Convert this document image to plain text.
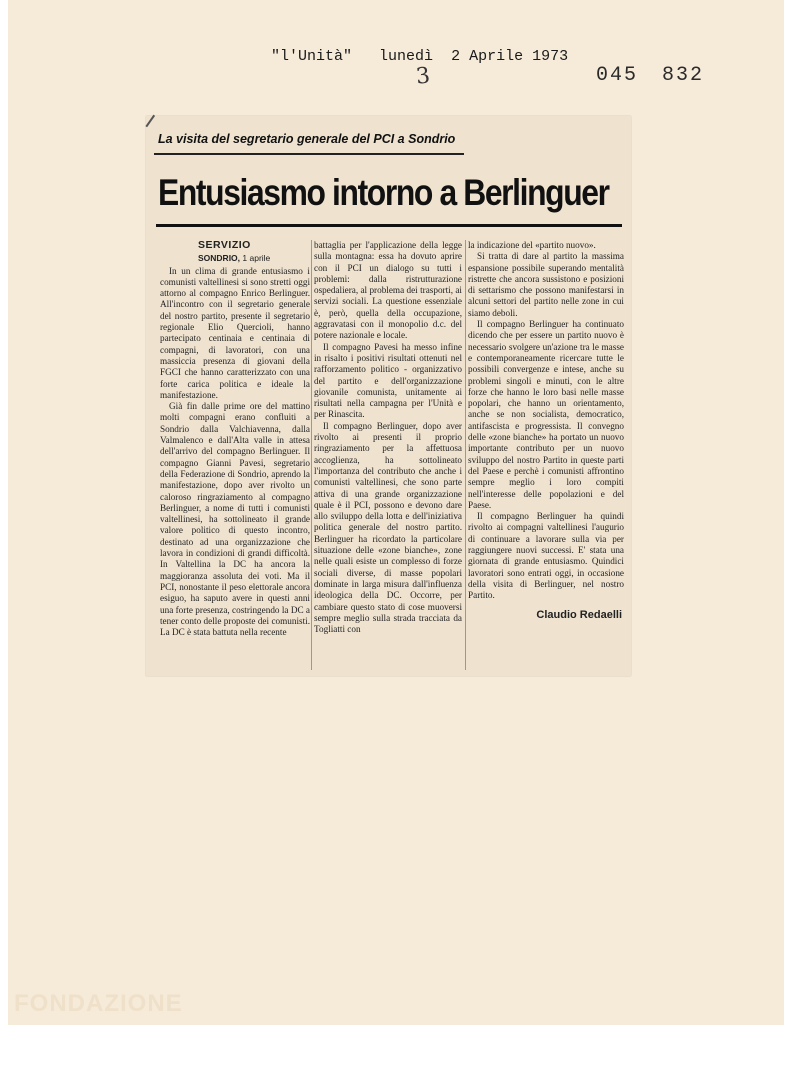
"l'Unità" lunedì 2 Aprile 1973
3	045 832
La visita del segretario generale del PCI a Sondrio
Entusiasmo intorno a Berlinguer
SERVIZIO
SONDRIO, 1 aprile

In un clima di grande entusiasmo i comunisti valtellinesi si sono stretti oggi attorno al compagno Enrico Berlinguer. All'incontro con il segretario generale del nostro partito, presente il segretario regionale Elio Quercioli, hanno partecipato centinaia e centinaia di compagni, di lavoratori, con una massiccia presenza di giovani della FGCI che hanno caratterizzato con una forte carica politica e ideale la manifestazione.

Già fin dalle prime ore del mattino molti compagni erano confluiti a Sondrio dalla Valchiavenna, dalla Valmalenco e dall'Alta valle in attesa dell'arrivo del compagno Berlinguer. Il compagno Gianni Pavesi, segretario della Federazione di Sondrio, aprendo la manifestazione, dopo aver rivolto un caloroso ringraziamento al compagno Berlinguer, a nome di tutti i comunisti valtellinesi, ha sottolineato il grande valore politico di questo incontro, destinato ad una organizzazione che lavora in condizioni di grandi difficoltà. In Valtellina la DC ha ancora la maggioranza assoluta dei voti. Ma il PCI, nonostante il peso elettorale ancora esiguo, ha saputo avere in questi anni una forte presenza, costringendo la DC a tener conto delle proposte dei comunisti. La DC è stata battuta nella recente

battaglia per l'applicazione della legge sulla montagna: essa ha dovuto aprire con il PCI un dialogo su tutti i problemi: dalla ristrutturazione ospedaliera, al problema dei trasporti, ai servizi sociali. La questione essenziale è, però, quella della occupazione, aggravatasi con il monopolio d.c. del potere nazionale e locale.

Il compagno Pavesi ha messo infine in risalto i positivi risultati ottenuti nel rafforzamento politico - organizzativo del partito e dell'organizzazione giovanile comunista, unitamente ai risultati nella campagna per l'Unità e per Rinascita.

Il compagno Berlinguer, dopo aver rivolto ai presenti il proprio ringraziamento per la affettuosa accoglienza, ha sottolineato l'importanza del contributo che anche i comunisti valtellinesi, che sono parte attiva di una grande organizzazione quale è il PCI, possono e devono dare allo sviluppo della lotta e dell'iniziativa politica generale del nostro partito. Berlinguer ha ricordato la particolare situazione delle «zone bianche», zone nelle quali esiste un complesso di forze sociali diverse, di masse popolari dominate in larga misura dall'influenza ideologica della DC. Occorre, per cambiare questo stato di cose muoversi sempre meglio sulla strada tracciata da Togliatti con

la indicazione del «partito nuovo».

Si tratta di dare al partito la massima espansione possibile superando mentalità ristrette che ancora sussistono e posizioni di settarismo che possono manifestarsi in alcuni settori del partito nelle zone in cui siamo deboli.

Il compagno Berlinguer ha continuato dicendo che per essere un partito nuovo è necessario svolgere un'azione tra le masse e contemporaneamente ricercare tutte le possibili convergenze e intese, anche su problemi singoli e minuti, con le altre forze che hanno le loro basi nelle masse popolari, che hanno un orientamento, anche se non socialista, democratico, antifascista e progressista. Il convegno delle «zone bianche» ha portato un nuovo importante contributo per un nuovo sviluppo del nostro Partito in queste parti del Paese e perchè i comunisti affrontino sempre meglio i loro compiti nell'interesse delle popolazioni e del Paese.

Il compagno Berlinguer ha quindi rivolto ai compagni valtellinesi l'augurio di continuare a lavorare sulla via per raggiungere nuovi successi. E' stata una giornata di grande entusiasmo. Quindici lavoratori sono entrati oggi, in occasione della visita di Berlinguer, nel nostro Partito.

Claudio Redaelli
FONDAZIONE
